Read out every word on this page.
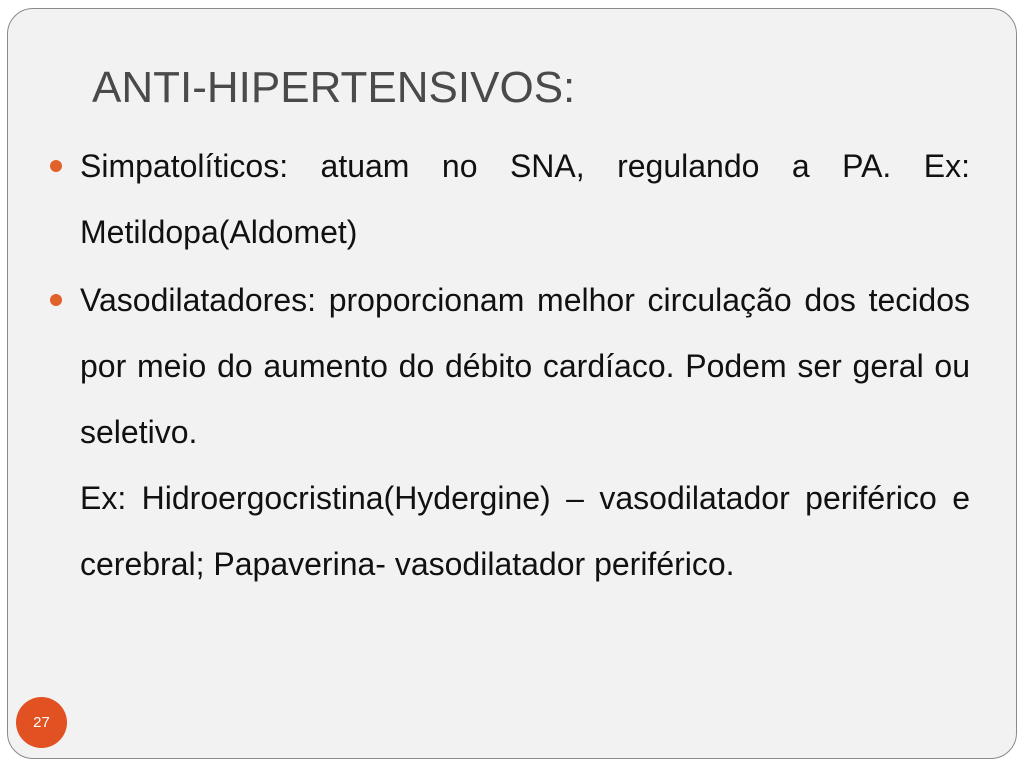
ANTI-HIPERTENSIVOS:

Simpatolíticos: atuam no SNA, regulando a PA. Ex: Metildopa(Aldomet)

Vasodilatadores: proporcionam melhor circulação dos tecidos por meio do aumento do débito cardíaco. Podem ser geral ou seletivo.

Ex: Hidroergocristina(Hydergine) – vasodilatador periférico e cerebral; Papaverina- vasodilatador periférico.

27
